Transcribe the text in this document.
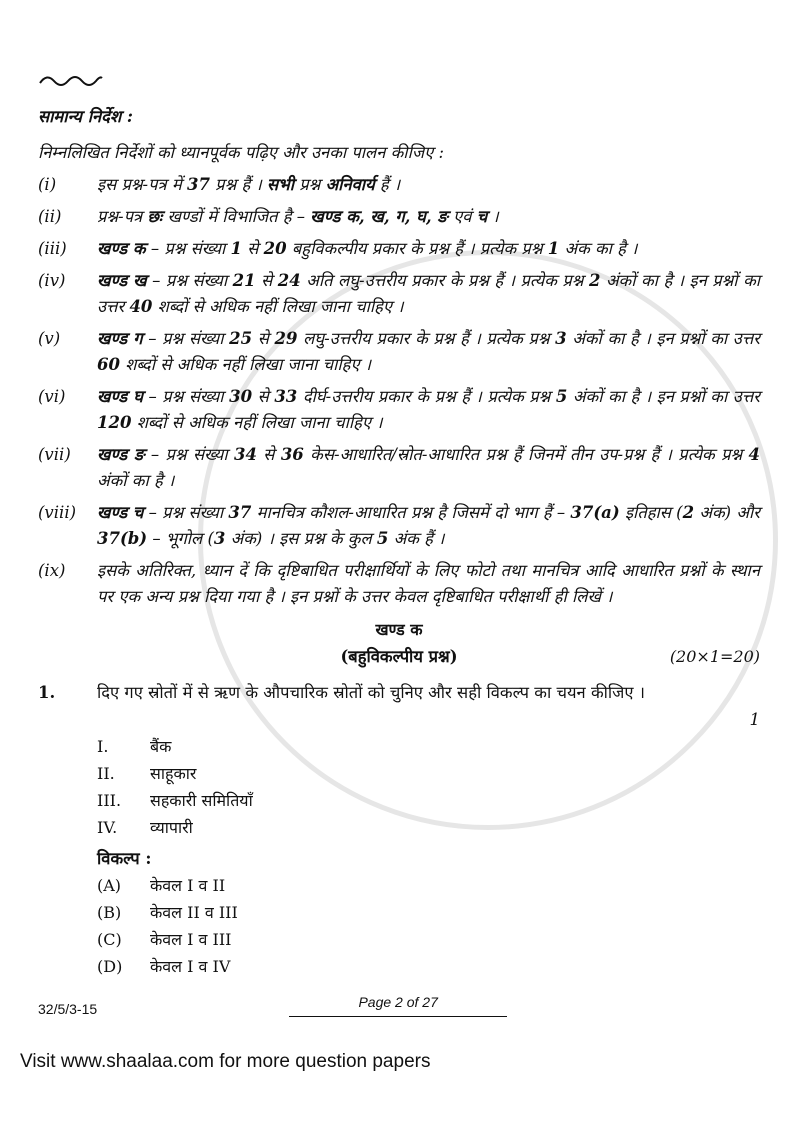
सामान्य निर्देश :
निम्नलिखित निर्देशों को ध्यानपूर्वक पढ़िए और उनका पालन कीजिए :
(i)	इस प्रश्न-पत्र में 37 प्रश्न हैं । सभी प्रश्न अनिवार्य हैं ।
(ii)	प्रश्न-पत्र छः खण्डों में विभाजित है – खण्ड क, ख, ग, घ, ङ एवं च ।
(iii)	खण्ड क – प्रश्न संख्या 1 से 20 बहुविकल्पीय प्रकार के प्रश्न हैं । प्रत्येक प्रश्न 1 अंक का है ।
(iv)	खण्ड ख – प्रश्न संख्या 21 से 24 अति लघु-उत्तरीय प्रकार के प्रश्न हैं । प्रत्येक प्रश्न 2 अंकों का है । इन प्रश्नों का उत्तर 40 शब्दों से अधिक नहीं लिखा जाना चाहिए ।
(v)	खण्ड ग – प्रश्न संख्या 25 से 29 लघु-उत्तरीय प्रकार के प्रश्न हैं । प्रत्येक प्रश्न 3 अंकों का है । इन प्रश्नों का उत्तर 60 शब्दों से अधिक नहीं लिखा जाना चाहिए ।
(vi)	खण्ड घ – प्रश्न संख्या 30 से 33 दीर्घ-उत्तरीय प्रकार के प्रश्न हैं । प्रत्येक प्रश्न 5 अंकों का है । इन प्रश्नों का उत्तर 120 शब्दों से अधिक नहीं लिखा जाना चाहिए ।
(vii)	खण्ड ङ – प्रश्न संख्या 34 से 36 केस-आधारित/स्रोत-आधारित प्रश्न हैं जिनमें तीन उप-प्रश्न हैं । प्रत्येक प्रश्न 4 अंकों का है ।
(viii)	खण्ड च – प्रश्न संख्या 37 मानचित्र कौशल-आधारित प्रश्न है जिसमें दो भाग हैं – 37(a) इतिहास (2 अंक) और 37(b) – भूगोल (3 अंक) । इस प्रश्न के कुल 5 अंक हैं ।
(ix)	इसके अतिरिक्त, ध्यान दें कि दृष्टिबाधित परीक्षार्थियों के लिए फोटो तथा मानचित्र आदि आधारित प्रश्नों के स्थान पर एक अन्य प्रश्न दिया गया है । इन प्रश्नों के उत्तर केवल दृष्टिबाधित परीक्षार्थी ही लिखें ।
खण्ड क
(बहुविकल्पीय प्रश्न)	(20×1=20)
1.	दिए गए स्रोतों में से ऋण के औपचारिक स्रोतों को चुनिए और सही विकल्प का चयन कीजिए ।
1
I.	बैंक
II.	साहूकार
III.	सहकारी समितियाँ
IV.	व्यापारी
विकल्प :
(A)	केवल I व II
(B)	केवल II व III
(C)	केवल I व III
(D)	केवल I व IV
32/5/3-15	Page 2 of 27
Visit www.shaalaa.com for more question papers
